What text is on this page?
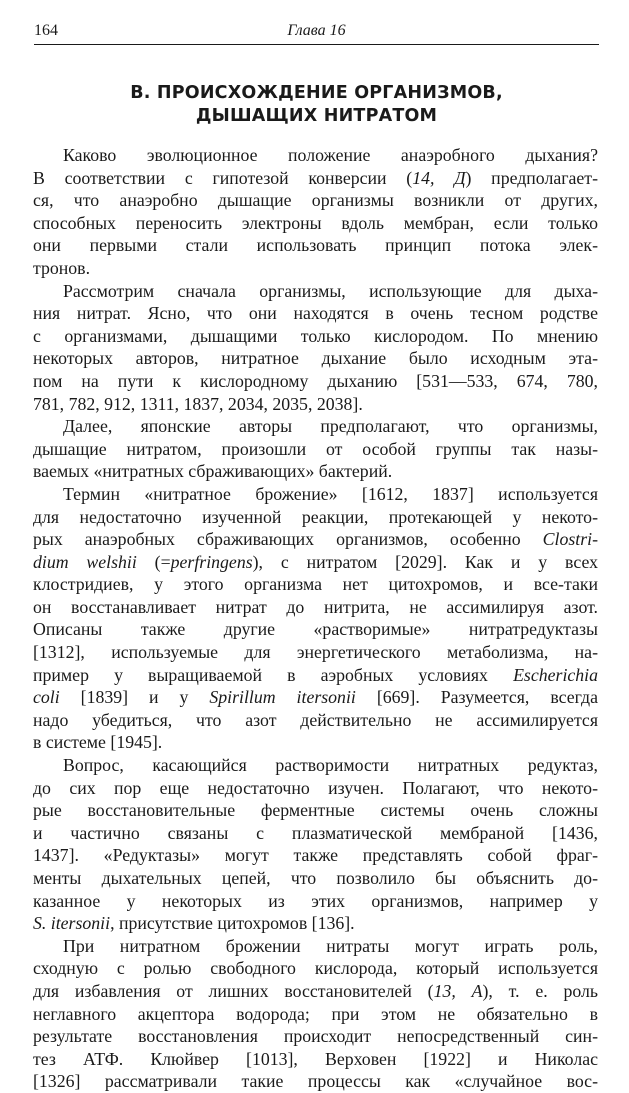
164	Глава 16
В. ПРОИСХОЖДЕНИЕ ОРГАНИЗМОВ,
ДЫШАЩИХ НИТРАТОМ
Каково эволюционное положение анаэробного дыхания?
В соответствии с гипотезой конверсии (14, Д) предполагает-
ся, что анаэробно дышащие организмы возникли от других,
способных переносить электроны вдоль мембран, если только
они первыми стали использовать принцип потока элек-
тронов.
Рассмотрим сначала организмы, использующие для дыха-
ния нитрат. Ясно, что они находятся в очень тесном родстве
с организмами, дышащими только кислородом. По мнению
некоторых авторов, нитратное дыхание было исходным эта-
пом на пути к кислородному дыханию [531—533, 674, 780,
781, 782, 912, 1311, 1837, 2034, 2035, 2038].
Далее, японские авторы предполагают, что организмы,
дышащие нитратом, произошли от особой группы так назы-
ваемых «нитратных сбраживающих» бактерий.
Термин «нитратное брожение» [1612, 1837] используется
для недостаточно изученной реакции, протекающей у некото-
рых анаэробных сбраживающих организмов, особенно Clostri-
dium welshii (=perfringens), с нитратом [2029]. Как и у всех
клостридиев, у этого организма нет цитохромов, и все-таки
он восстанавливает нитрат до нитрита, не ассимилируя азот.
Описаны также другие «растворимые» нитратредуктазы
[1312], используемые для энергетического метаболизма, на-
пример у выращиваемой в аэробных условиях Escherichia
coli [1839] и у Spirillum itersonii [669]. Разумеется, всегда
надо убедиться, что азот действительно не ассимилируется
в системе [1945].
Вопрос, касающийся растворимости нитратных редуктаз,
до сих пор еще недостаточно изучен. Полагают, что некото-
рые восстановительные ферментные системы очень сложны
и частично связаны с плазматической мембраной [1436,
1437]. «Редуктазы» могут также представлять собой фраг-
менты дыхательных цепей, что позволило бы объяснить до-
казанное у некоторых из этих организмов, например у
S. itersonii, присутствие цитохромов [136].
При нитратном брожении нитраты могут играть роль,
сходную с ролью свободного кислорода, который используется
для избавления от лишних восстановителей (13, A), т. е. роль
неглавного акцептора водорода; при этом не обязательно в
результате восстановления происходит непосредственный син-
тез АТФ. Клюйвер [1013], Верховен [1922] и Николас
[1326] рассматривали такие процессы как «случайное вос-
